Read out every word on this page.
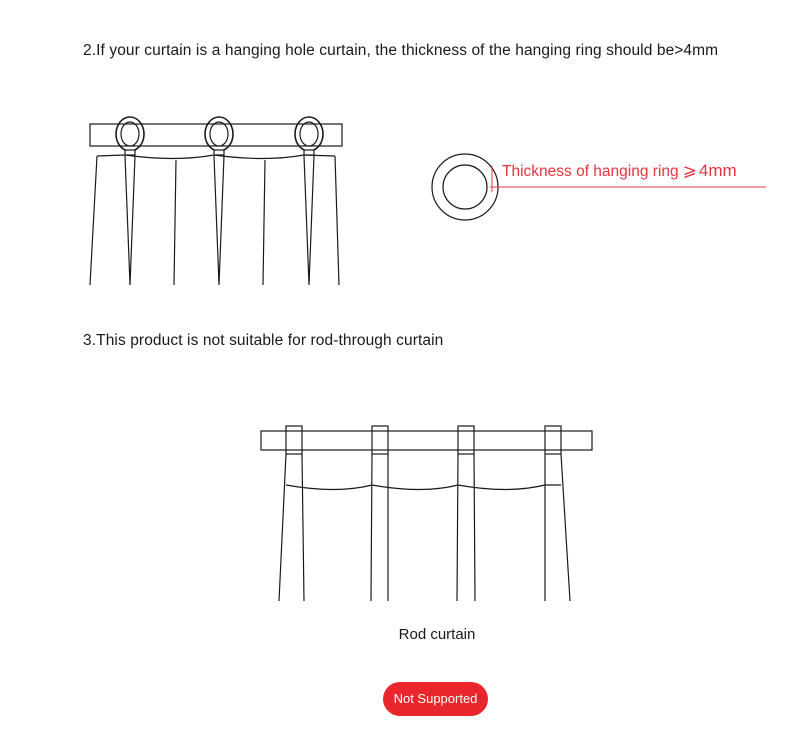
2.If your curtain is a hanging hole curtain, the thickness of the hanging ring should be>4mm

Thickness of hanging ring ⩾ 4mm

3.This product is not suitable for rod-through curtain

Rod curtain
Not Supported
